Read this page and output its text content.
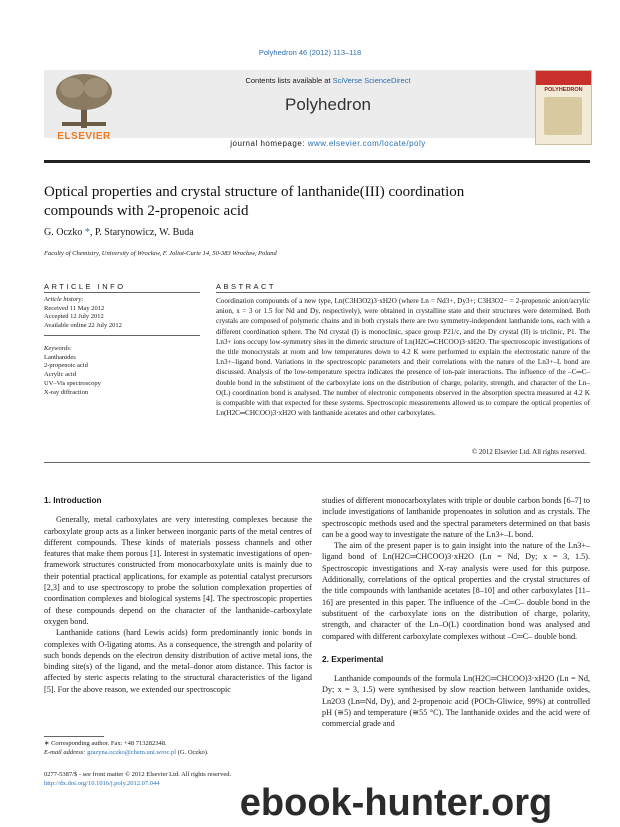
Polyhedron 46 (2012) 113–118
ELSEVIER
Contents lists available at SciVerse ScienceDirect
Polyhedron
journal homepage: www.elsevier.com/locate/poly
POLYHEDRON
Optical properties and crystal structure of lanthanide(III) coordination
compounds with 2-propenoic acid
G. Oczko *, P. Starynowicz, W. Buda
Faculty of Chemistry, University of Wrocław, F. Joliot-Curie 14, 50-383 Wrocław, Poland
ARTICLE INFO
Article history:
Received 11 May 2012
Accepted 12 July 2012
Available online 22 July 2012
Keywords:
Lanthanides
2-propenoic acid
Acrylic acid
UV–Vis spectroscopy
X-ray diffraction
ABSTRACT
Coordination compounds of a new type, Ln(C3H3O2)3·xH2O (where Ln = Nd3+, Dy3+; C3H3O2− = 2-propenoic anion/acrylic anion, x = 3 or 1.5 for Nd and Dy, respectively), were obtained in crystalline state and their structures were determined. Both crystals are composed of polymeric chains and in both crystals there are two symmetry-independent lanthanide ions, each with a different coordination sphere. The Nd crystal (I) is monoclinic, space group P21/c, and the Dy crystal (II) is triclinic, P1. The Ln3+ ions occupy low-symmetry sites in the dimeric structure of Ln(H2C═CHCOO)3·xH2O. The spectroscopic investigations of the title monocrystals at room and low temperatures down to 4.2 K were performed to explain the electrostatic nature of the Ln3+–ligand bond. Variations in the spectroscopic parameters and their correlations with the nature of the Ln3+–L bond are discussed. Analysis of the low-temperature spectra indicates the presence of ion-pair interactions. The influence of the –C═C– double bond in the substituent of the carboxylate ions on the distribution of charge, polarity, strength, and character of the Ln–O(L) coordination bond is analysed. The number of electronic components observed in the absorption spectra measured at 4.2 K is compatible with that expected for these systems. Spectroscopic measurements allowed us to compare the optical properties of Ln(H2C═CHCOO)3·xH2O with lanthanide acetates and other carboxylates.
© 2012 Elsevier Ltd. All rights reserved.
1. Introduction

Generally, metal carboxylates are very interesting complexes because the carboxylate group acts as a linker between inorganic parts of the metal centres of different compounds. These kinds of materials possess channels and other features that make them porous [1]. Interest in systematic investigations of open-framework structures constructed from monocarboxylate units is mainly due to their potential practical applications, for example as potential catalyst precursors [2,3] and to use spectroscopy to probe the solution complexation properties of coordination complexes and biological systems [4]. The spectroscopic properties of these compounds depend on the character of the lanthanide–carboxylate oxygen bond.

Lanthanide cations (hard Lewis acids) form predominantly ionic bonds in complexes with O-ligating atoms. As a consequence, the strength and polarity of such bonds depends on the electron density distribution of active metal ions, the binding site(s) of the ligand, and the metal–donor atom distance. This factor is affected by steric aspects relating to the structural characteristics of the ligand [5]. For the above reason, we extended our spectroscopic

studies of different monocarboxylates with triple or double carbon bonds [6–7] to include investigations of lanthanide propenoates in solution and as crystals. The spectroscopic methods used and the spectral parameters determined on that basis can be a good way to investigate the nature of the Ln3+–L bond.

The aim of the present paper is to gain insight into the nature of the Ln3+–ligand bond of Ln(H2C═CHCOO)3·xH2O (Ln = Nd, Dy; x = 3, 1.5). Spectroscopic investigations and X-ray analysis were used for this purpose. Additionally, correlations of the optical properties and the crystal structures of the title compounds with lanthanide acetates [8–10] and other carboxylates [11–16] are presented in this paper. The influence of the –C═C– double bond in the substituent of the carboxylate ions on the distribution of charge, polarity, strength, and character of the Ln–O(L) coordination bond was analysed and compared with different carboxylate complexes without –C═C– double bond.

2. Experimental

Lanthanide compounds of the formula Ln(H2C═CHCOO)3·xH2O (Ln = Nd, Dy; x = 3, 1.5) were synthesised by slow reaction between lanthanide oxides, Ln2O3 (Ln═Nd, Dy), and 2-propenoic acid (POCh-Gliwice, 99%) at controlled pH (≅5) and temperature (≅55 °C). The lanthanide oxides and the acid were of commercial grade and

∗ Corresponding author. Fax: +48 713282348.
E-mail address: grazyna.oczko@chem.uni.wroc.pl (G. Oczko).
0277-5387/$ - see front matter © 2012 Elsevier Ltd. All rights reserved.
http://dx.doi.org/10.1016/j.poly.2012.07.044	ebook-hunter.org
